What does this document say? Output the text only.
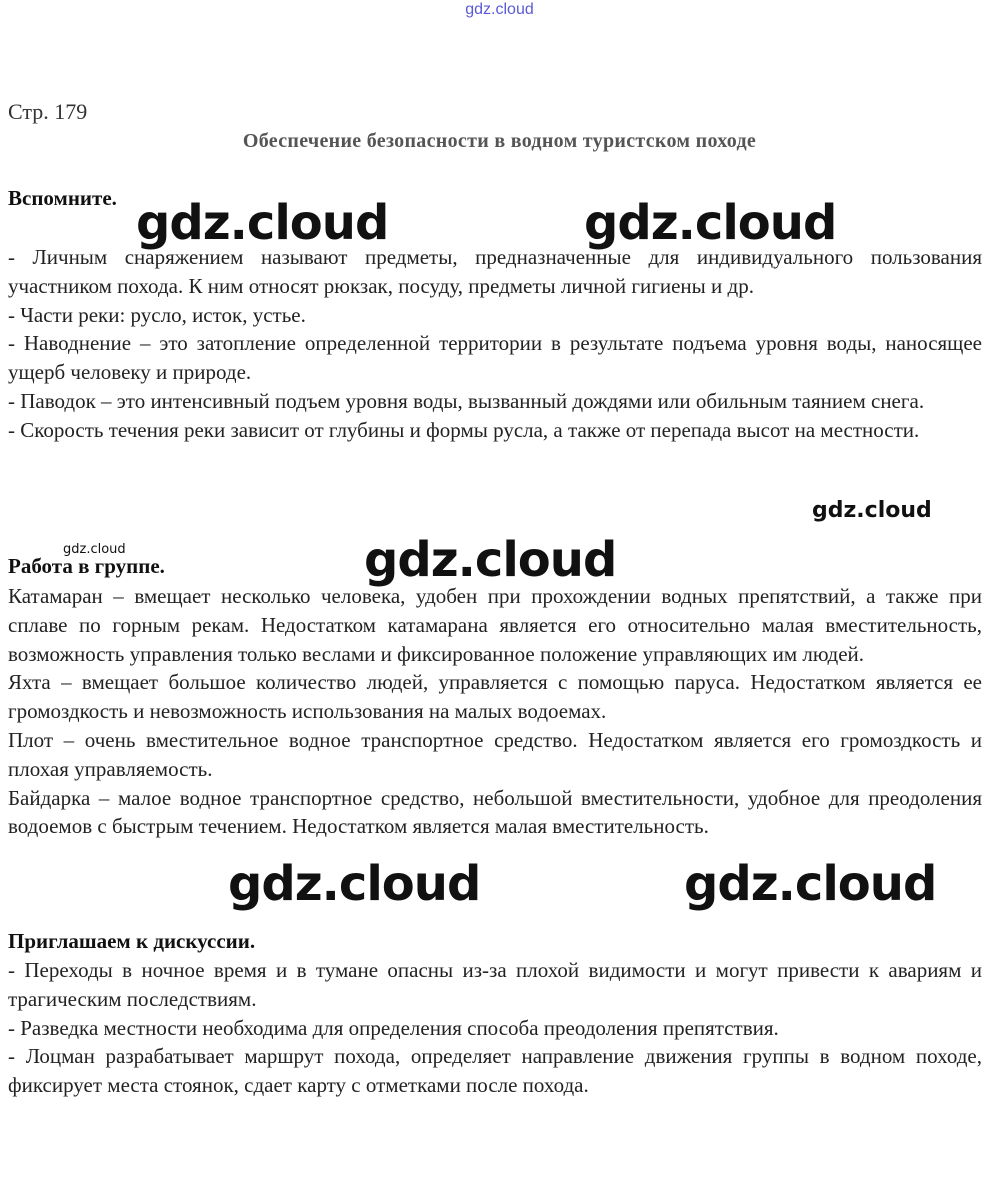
gdz.cloud
Стр. 179
Обеспечение безопасности в водном туристском походе
Вспомните.

- Личным снаряжением называют предметы, предназначенные для индивидуального пользования участником похода. К ним относят рюкзак, посуду, предметы личной гигиены и др.

- Части реки: русло, исток, устье.

- Наводнение – это затопление определенной территории в результате подъема уровня воды, наносящее ущерб человеку и природе.

- Паводок – это интенсивный подъем уровня воды, вызванный дождями или обильным таянием снега.

- Скорость течения реки зависит от глубины и формы русла, а также от перепада высот на местности.

Работа в группе.

Катамаран – вмещает несколько человека, удобен при прохождении водных препятствий, а также при сплаве по горным рекам. Недостатком катамарана является его относительно малая вместительность, возможность управления только веслами и фиксированное положение управляющих им людей.

Яхта – вмещает большое количество людей, управляется с помощью паруса. Недостатком является ее громоздкость и невозможность использования на малых водоемах.

Плот – очень вместительное водное транспортное средство. Недостатком является его громоздкость и плохая управляемость.

Байдарка – малое водное транспортное средство, небольшой вместительности, удобное для преодоления водоемов с быстрым течением. Недостатком является малая вместительность.

Приглашаем к дискуссии.

- Переходы в ночное время и в тумане опасны из-за плохой видимости и могут привести к авариям и трагическим последствиям.

- Разведка местности необходима для определения способа преодоления препятствия.

- Лоцман разрабатывает маршрут похода, определяет направление движения группы в водном походе, фиксирует места стоянок, сдает карту с отметками после похода.

gdz.cloud	gdz.cloud
gdz.cloud
gdz.cloud	gdz.cloud
gdz.cloud	gdz.cloud
